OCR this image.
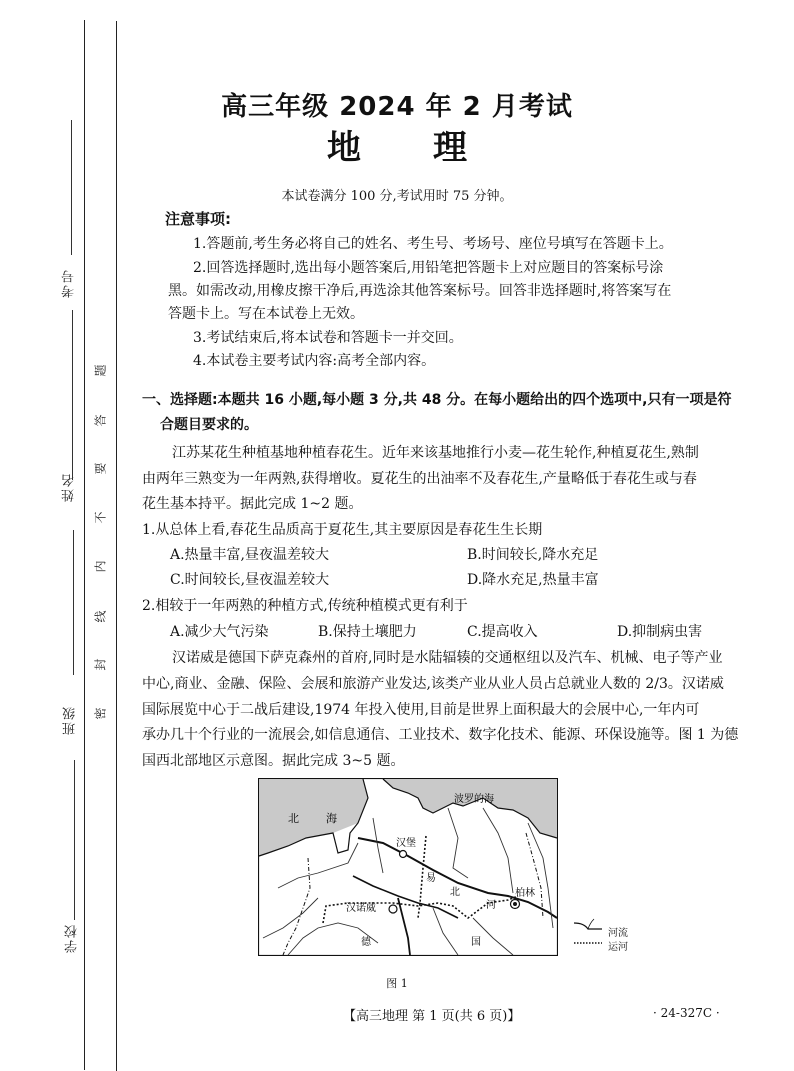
考号
姓名
班级
学校
题
答
要
不
内
线
封
密
高三年级 2024 年 2 月考试
地 理
本试卷满分 100 分,考试用时 75 分钟。
注意事项:
1.答题前,考生务必将自己的姓名、考生号、考场号、座位号填写在答题卡上。
2.回答选择题时,选出每小题答案后,用铅笔把答题卡上对应题目的答案标号涂
黑。如需改动,用橡皮擦干净后,再选涂其他答案标号。回答非选择题时,将答案写在
答题卡上。写在本试卷上无效。
3.考试结束后,将本试卷和答题卡一并交回。
4.本试卷主要考试内容:高考全部内容。
一、选择题:本题共 16 小题,每小题 3 分,共 48 分。在每小题给出的四个选项中,只有一项是符
合题目要求的。
江苏某花生种植基地种植春花生。近年来该基地推行小麦—花生轮作,种植夏花生,熟制
由两年三熟变为一年两熟,获得增收。夏花生的出油率不及春花生,产量略低于春花生或与春
花生基本持平。据此完成 1~2 题。
1.从总体上看,春花生品质高于夏花生,其主要原因是春花生生长期
A.热量丰富,昼夜温差较大	B.时间较长,降水充足
C.时间较长,昼夜温差较大	D.降水充足,热量丰富
2.相较于一年两熟的种植方式,传统种植模式更有利于
A.减少大气污染	B.保持土壤肥力	C.提高收入	D.抑制病虫害
汉诺威是德国下萨克森州的首府,同时是水陆辐辏的交通枢纽以及汽车、机械、电子等产业
中心,商业、金融、保险、会展和旅游产业发达,该类产业从业人员占总就业人数的 2/3。汉诺威
国际展览中心于二战后建设,1974 年投入使用,目前是世界上面积最大的会展中心,一年内可
承办几十个行业的一流展会,如信息通信、工业技术、数字化技术、能源、环保设施等。图 1 为德
国西北部地区示意图。据此完成 3~5 题。
北 海
波罗的海
汉堡
易
北
河
柏林
汉诺威
德	国
河流
运河
图 1
【高三地理 第 1 页(共 6 页)】	· 24-327C ·
